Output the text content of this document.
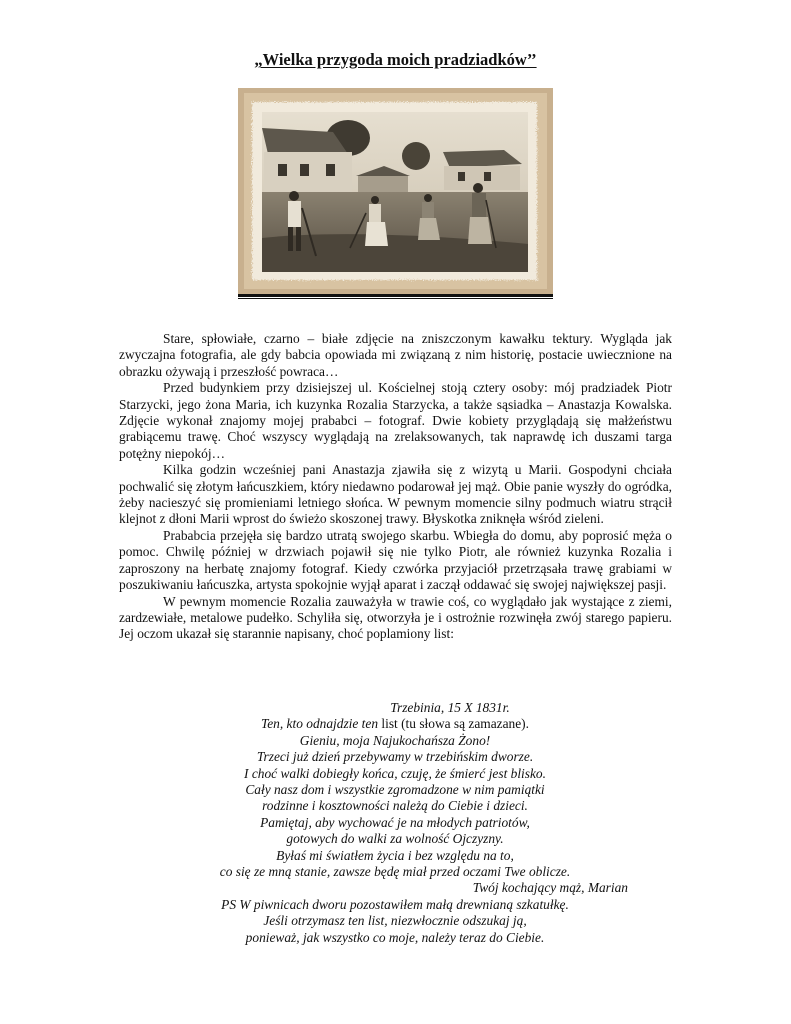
„Wielka przygoda moich pradziadków’’

Stare, spłowiałe, czarno – białe zdjęcie na zniszczonym kawałku tektury. Wygląda jak zwyczajna fotografia, ale gdy babcia opowiada mi związaną z nim historię, postacie uwiecznione na obrazku ożywają i przeszłość powraca…

Przed budynkiem przy dzisiejszej ul. Kościelnej stoją cztery osoby: mój pradziadek Piotr Starzycki, jego żona Maria, ich kuzynka Rozalia Starzycka, a także sąsiadka – Anastazja Kowalska. Zdjęcie wykonał znajomy mojej prababci – fotograf. Dwie kobiety przyglądają się małżeństwu grabiącemu trawę. Choć wszyscy wyglądają na zrelaksowanych, tak naprawdę ich duszami targa potężny niepokój…

Kilka godzin wcześniej pani Anastazja zjawiła się z wizytą u Marii. Gospodyni chciała pochwalić się złotym łańcuszkiem, który niedawno podarował jej mąż. Obie panie wyszły do ogródka, żeby nacieszyć się promieniami letniego słońca. W pewnym momencie silny podmuch wiatru strącił klejnot z dłoni Marii wprost do świeżo skoszonej trawy. Błyskotka zniknęła wśród zieleni.

Prababcia przejęła się bardzo utratą swojego skarbu. Wbiegła do domu, aby poprosić męża o pomoc. Chwilę później w drzwiach pojawił się nie tylko Piotr, ale również kuzynka Rozalia i zaproszony na herbatę znajomy fotograf. Kiedy czwórka przyjaciół przetrząsała trawę grabiami w poszukiwaniu łańcuszka, artysta spokojnie wyjął aparat i zaczął oddawać się swojej największej pasji.

W pewnym momencie Rozalia zauważyła w trawie coś, co wyglądało jak wystające z ziemi, zardzewiałe, metalowe pudełko. Schyliła się, otworzyła je i ostrożnie rozwinęła zwój starego papieru. Jej oczom ukazał się starannie napisany, choć poplamiony list:

Trzebinia, 15 X 1831r.
Ten, kto odnajdzie ten list (tu słowa są zamazane).
Gieniu, moja Najukochańsza Żono!
Trzeci już dzień przebywamy w trzebińskim dworze.
I choć walki dobiegły końca, czuję, że śmierć jest blisko.
Cały nasz dom i wszystkie zgromadzone w nim pamiątki
rodzinne i kosztowności należą do Ciebie i dzieci.
Pamiętaj, aby wychować je na młodych patriotów,
gotowych do walki za wolność Ojczyzny.
Byłaś mi światłem życia i bez względu na to,
co się ze mną stanie, zawsze będę miał przed oczami Twe oblicze.
Twój kochający mąż, Marian
PS W piwnicach dworu pozostawiłem małą drewnianą szkatułkę.
Jeśli otrzymasz ten list, niezwłocznie odszukaj ją,
ponieważ, jak wszystko co moje, należy teraz do Ciebie.
